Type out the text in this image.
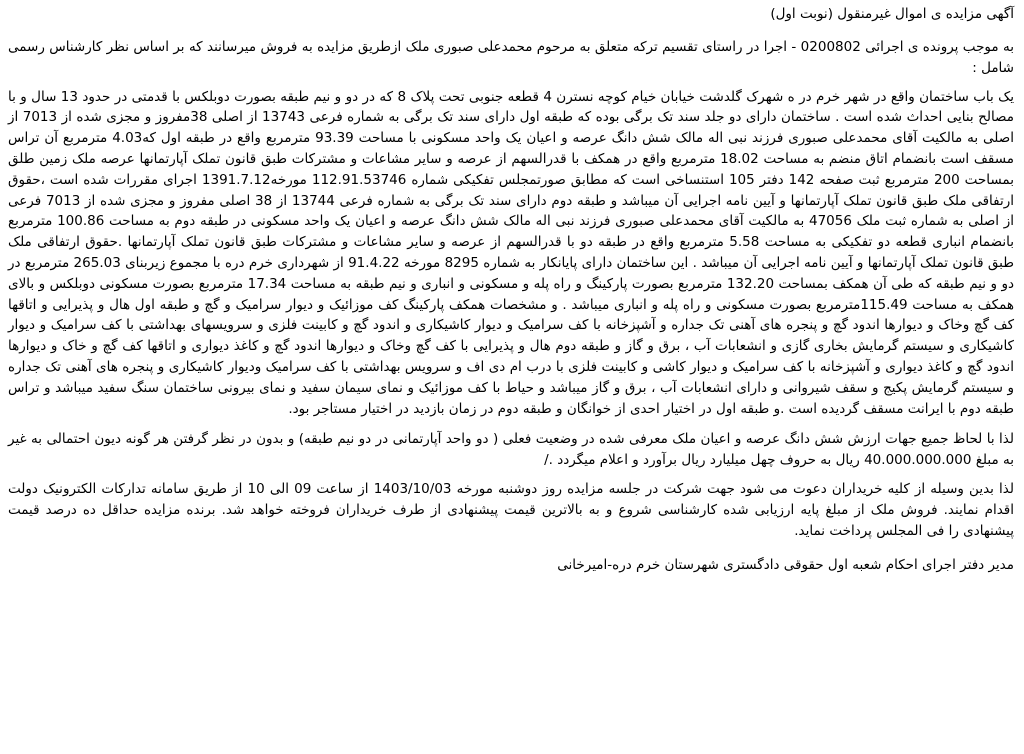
آگهی مزایده ی اموال غیرمنقول (نوبت اول)

به موجب پرونده ی اجرائی 0200802 - اجرا در راستای تقسیم ترکه متعلق به مرحوم محمدعلی صبوری ملک ازطریق مزایده به فروش میرسانند که بر اساس نظر کارشناس رسمی شامل :

یک باب ساختمان واقع در شهر خرم در ه شهرک گلدشت خیابان خیام کوچه نسترن 4 قطعه جنوبی تحت پلاک 8 که در دو و نیم طبقه بصورت دوبلکس با قدمتی در حدود 13 سال و با مصالح بنایی احداث شده است . ساختمان دارای دو جلد سند تک برگی بوده که طبقه اول دارای سند تک برگی به شماره فرعی 13743 از اصلی 38مفروز و مجزی شده از 7013 از اصلی به مالکیت آقای محمدعلی صبوری فرزند نبی اله مالک شش دانگ عرصه و اعیان یک واحد مسکونی با مساحت 93.39 مترمربع واقع در طبقه اول که4.03 مترمربع آن تراس مسقف است بانضمام اتاق منضم به مساحت 18.02 مترمربع واقع در همکف با قدرالسهم از عرصه و سایر مشاعات و مشترکات طبق قانون تملک آپارتمانها عرصه ملک زمین طلق بمساحت 200 مترمربع ثبت صفحه 142 دفتر 105 استنساخی است که مطابق صورتمجلس تفکیکی شماره 112.91.53746 مورخه1391.7.12 اجرای مقررات شده است ،حقوق ارتفاقی ملک طبق قانون تملک آپارتمانها و آیین نامه اجرایی آن میباشد و طبقه دوم دارای سند تک برگی به شماره فرعی 13744 از 38 اصلی مفروز و مجزی شده از 7013 فرعی از اصلی به شماره ثبت ملک 47056 به مالکیت آقای محمدعلی صبوری فرزند نبی اله مالک شش دانگ عرصه و اعیان یک واحد مسکونی در طبقه دوم به مساحت 100.86 مترمربع بانضمام انباری قطعه دو تفکیکی به مساحت 5.58 مترمربع واقع در طبقه دو با قدرالسهم از عرصه و سایر مشاعات و مشترکات طبق قانون تملک آپارتمانها .حقوق ارتفاقی ملک طبق قانون تملک آپارتمانها و آیین نامه اجرایی آن میباشد . این ساختمان دارای پایانکار به شماره 8295 مورخه 91.4.22 از شهرداری خرم دره با مجموع زیربنای 265.03 مترمربع در دو و نیم طبقه که طی آن همکف بمساحت 132.20 مترمربع بصورت پارکینگ و راه پله و مسکونی و انباری و نیم طبقه به مساحت 17.34 مترمربع بصورت مسکونی دوبلکس و بالای همکف به مساحت 115.49مترمربع بصورت مسکونی و راه پله و انباری میباشد . و مشخصات همکف پارکینگ کف موزائیک و دیوار سرامیک و گچ و طبقه اول هال و پذیرایی و اتاقها کف گچ وخاک و دیوارها اندود گچ و پنجره های آهنی تک جداره و آشپزخانه با کف سرامیک و دیوار کاشیکاری و اندود گچ و کابینت فلزی و سرویسهای بهداشتی با کف سرامیک و دیوار کاشیکاری و سیستم گرمایش بخاری گازی و انشعابات آب ، برق و گاز و طبقه دوم هال و پذیرایی با کف گچ وخاک و دیوارها اندود گچ و کاغذ دیواری و اتاقها کف گچ و خاک و دیوارها اندود گچ و کاغذ دیواری و آشپزخانه با کف سرامیک و دیوار کاشی و کابینت فلزی با درب ام دی اف و سرویس بهداشتی با کف سرامیک ودیوار کاشیکاری و پنجره های آهنی تک جداره و سیستم گرمایش پکیج و سقف شیروانی و دارای انشعابات آب ، برق و گاز میباشد و حیاط با کف موزائیک و نمای سیمان سفید و نمای بیرونی ساختمان سنگ سفید میباشد و تراس طبقه دوم با ایرانت مسقف گردیده است .و طبقه اول در اختیار احدی از خوانگان و طبقه دوم در زمان بازدید در اختیار مستاجر بود.

لذا با لحاظ جمیع جهات ارزش شش دانگ عرصه و اعیان ملک معرفی شده در وضعیت فعلی ( دو واحد آپارتمانی در دو نیم طبقه) و بدون در نظر گرفتن هر گونه دیون احتمالی به غیر به مبلغ 40.000.000.000 ریال به حروف چهل میلیارد ریال برآورد و اعلام میگردد ./

لذا بدین وسیله از کلیه خریداران دعوت می شود جهت شرکت در جلسه مزایده روز دوشنبه مورخه 1403/10/03 از ساعت 09 الی 10 از طریق سامانه تدارکات الکترونیک دولت اقدام نمایند. فروش ملک از مبلغ پایه ارزیابی شده کارشناسی شروع و به بالاترین قیمت پیشنهادی از طرف خریداران فروخته خواهد شد. برنده مزایده حداقل ده درصد قیمت پیشنهادی را فی المجلس پرداخت نماید.

مدیر دفتر اجرای احکام شعبه اول حقوقی دادگستری شهرستان خرم دره-امیرخانی
